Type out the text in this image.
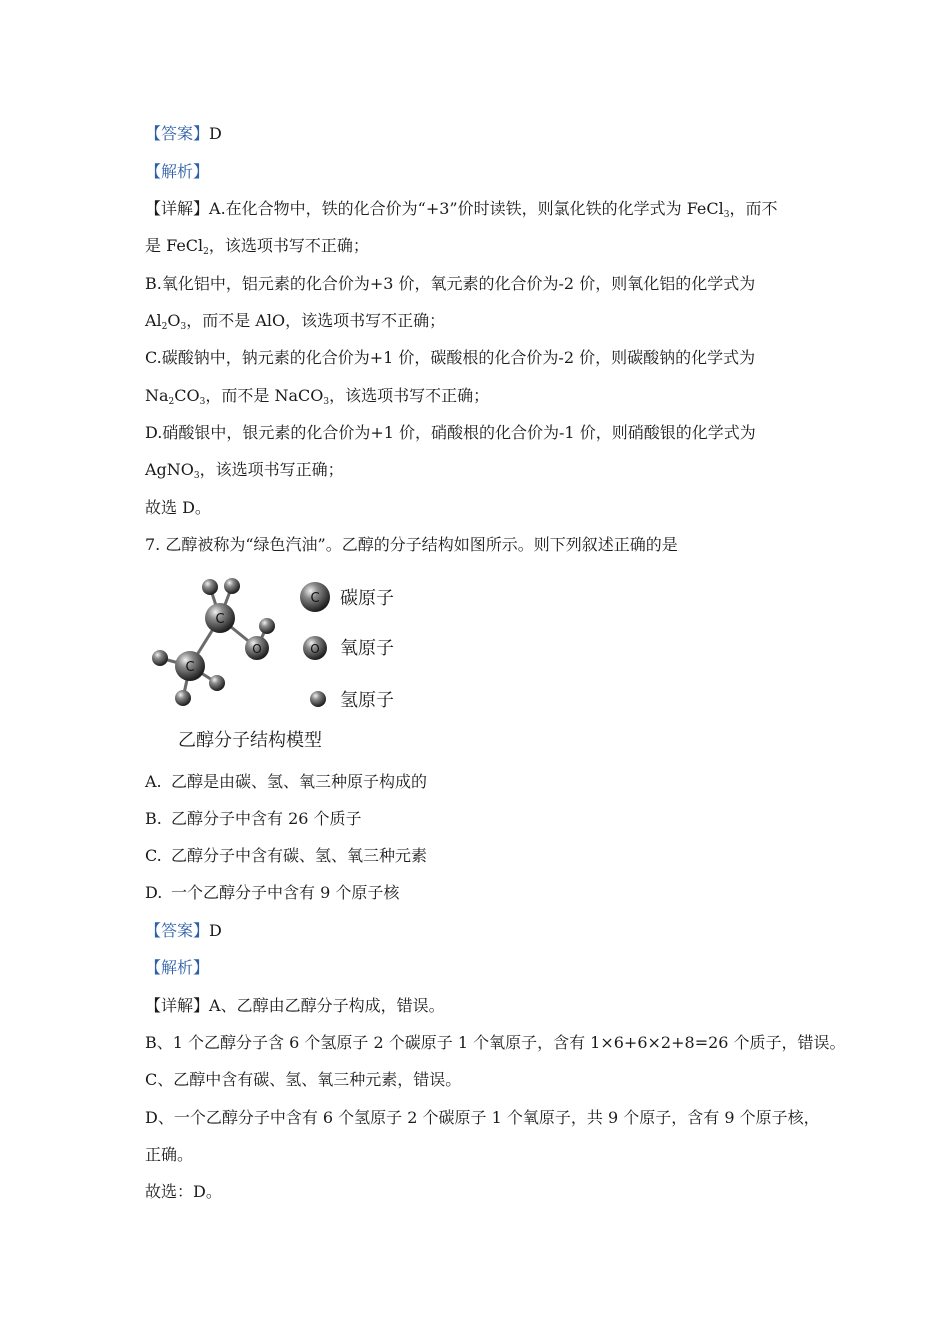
【答案】D
【解析】
【详解】A.在化合物中，铁的化合价为“+3”价时读铁，则氯化铁的化学式为 FeCl$_3$，而不
是 FeCl$_2$，该选项书写不正确；
B.氧化铝中，铝元素的化合价为+3 价，氧元素的化合价为-2 价，则氧化铝的化学式为
$Al_2O_3$，而不是 AlO，该选项书写不正确；
C.碳酸钠中，钠元素的化合价为+1 价，碳酸根的化合价为-2 价，则碳酸钠的化学式为
$Na_2CO_3$，而不是 NaCO$_3$，该选项书写不正确；
D.硝酸银中，银元素的化合价为+1 价，硝酸根的化合价为-1 价，则硝酸银的化学式为
AgNO$_3$，该选项书写正确；
故选 D。
7. 乙醇被称为“绿色汽油”。乙醇的分子结构如图所示。则下列叙述正确的是
C
C
O
C 碳原子
O 氧原子
氢原子
乙醇分子结构模型
A. 乙醇是由碳、氢、氧三种原子构成的
B. 乙醇分子中含有 26 个质子
C. 乙醇分子中含有碳、氢、氧三种元素
D. 一个乙醇分子中含有 9 个原子核
【答案】D
【解析】
【详解】A、乙醇由乙醇分子构成，错误。
B、1 个乙醇分子含 6 个氢原子 2 个碳原子 1 个氧原子，含有 1×6+6×2+8=26 个质子，错误。
C、乙醇中含有碳、氢、氧三种元素，错误。
D、一个乙醇分子中含有 6 个氢原子 2 个碳原子 1 个氧原子，共 9 个原子，含有 9 个原子核，
正确。
故选：D。
